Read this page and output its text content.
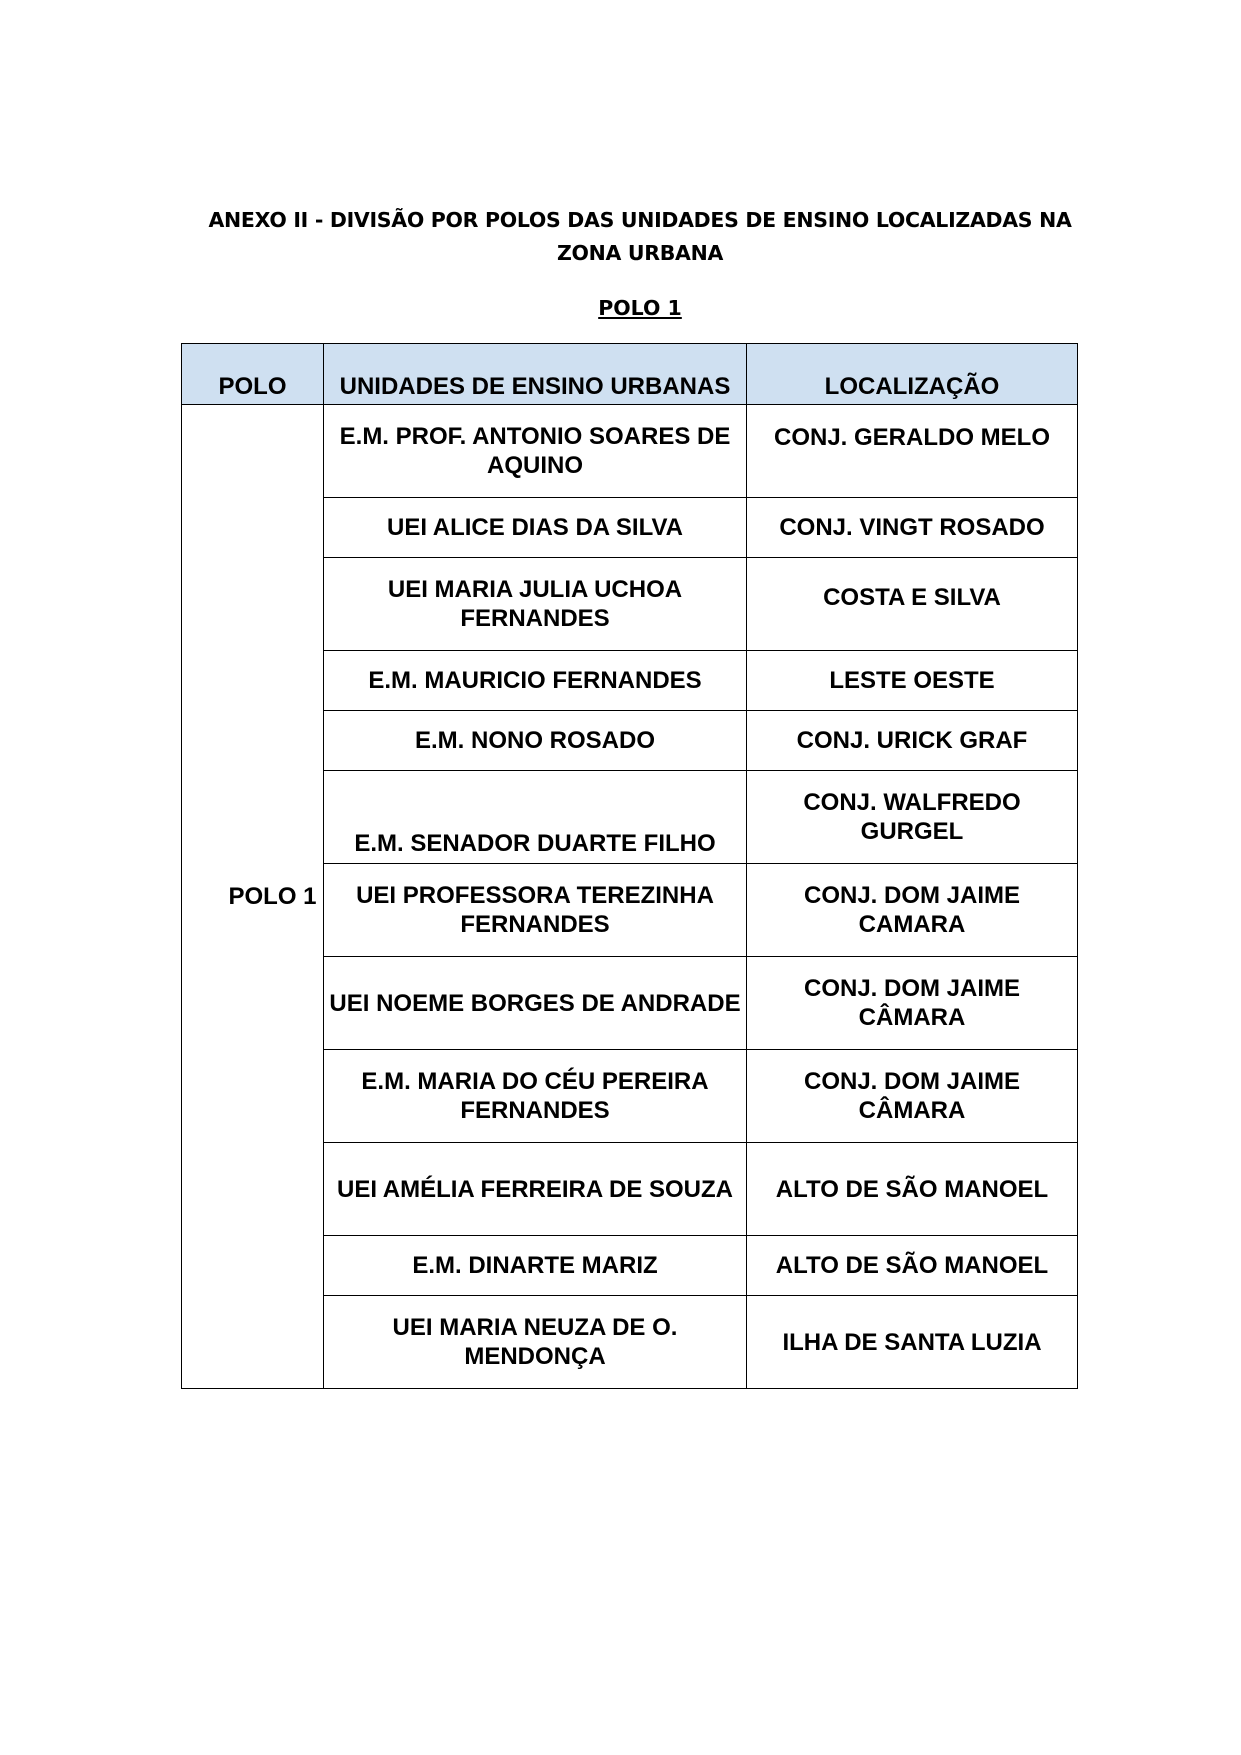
ANEXO II - DIVISÃO POR POLOS DAS UNIDADES DE ENSINO LOCALIZADAS NA ZONA URBANA
POLO 1
POLO	UNIDADES DE ENSINO URBANAS	LOCALIZAÇÃO
POLO 1	E.M. PROF. ANTONIO SOARES DE AQUINO	CONJ. GERALDO MELO
	UEI ALICE DIAS DA SILVA	CONJ. VINGT ROSADO
	UEI MARIA JULIA UCHOA FERNANDES	COSTA E SILVA
	E.M. MAURICIO FERNANDES	LESTE OESTE
	E.M. NONO ROSADO	CONJ. URICK GRAF
	E.M. SENADOR DUARTE FILHO	CONJ. WALFREDO GURGEL
	UEI PROFESSORA TEREZINHA FERNANDES	CONJ. DOM JAIME CAMARA
	UEI NOEME BORGES DE ANDRADE	CONJ. DOM JAIME CÂMARA
	E.M. MARIA DO CÉU PEREIRA FERNANDES	CONJ. DOM JAIME CÂMARA
	UEI AMÉLIA FERREIRA DE SOUZA	ALTO DE SÃO MANOEL
	E.M. DINARTE MARIZ	ALTO DE SÃO MANOEL
	UEI MARIA NEUZA DE O. MENDONÇA	ILHA DE SANTA LUZIA
